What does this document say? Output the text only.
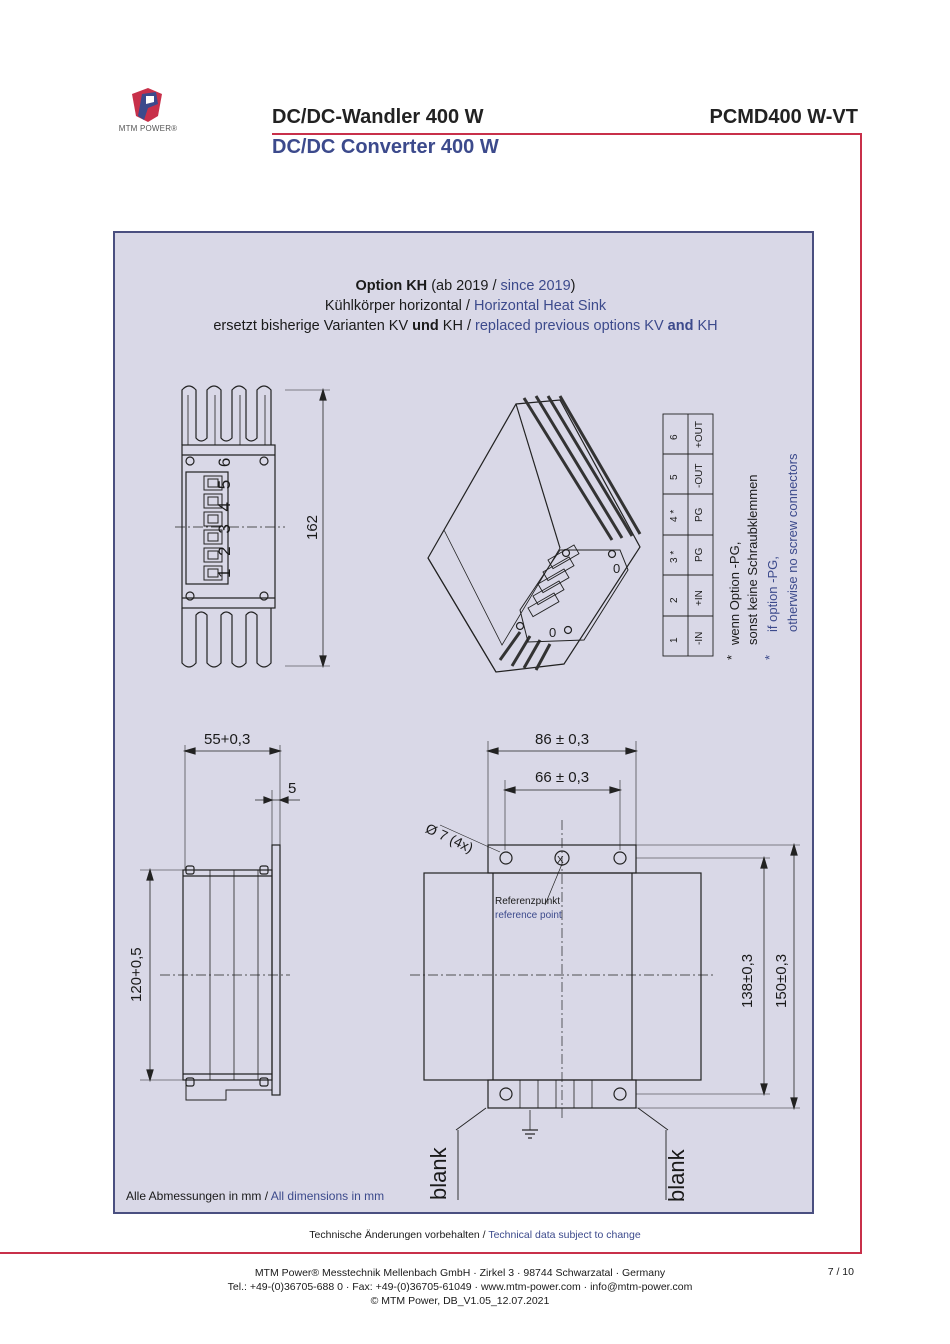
MTM POWER®
DC/DC-Wandler 400 W
DC/DC Converter 400 W
PCMD400 W-VT
Option KH (ab 2019 / since 2019)
Kühlkörper horizontal / Horizontal Heat Sink
ersetzt bisherige Varianten KV und KH / replaced previous options KV and KH
0
0
X
1 2 3 4 5 6	162
1
2
3 *
4 *
5
6
-IN
+IN
PG
PG
-OUT
+OUT
*
wenn Option -PG, sonst keine Schraubklemmen
*
if option -PG, otherwise no screw connectors
55+0,3
5
120+0,5
86 ± 0,3
66 ± 0,3
Ø 7 (4x)
Referenzpunkt
reference point
138±0,3 150±0,3
blank	blank
Alle Abmessungen in mm / All dimensions in mm
Technische Änderungen vorbehalten / Technical data subject to change
MTM Power® Messtechnik Mellenbach GmbH · Zirkel 3 · 98744 Schwarzatal · Germany
Tel.: +49-(0)36705-688 0 · Fax: +49-(0)36705-61049 · www.mtm-power.com · info@mtm-power.com
© MTM Power, DB_V1.05_12.07.2021
7 / 10
